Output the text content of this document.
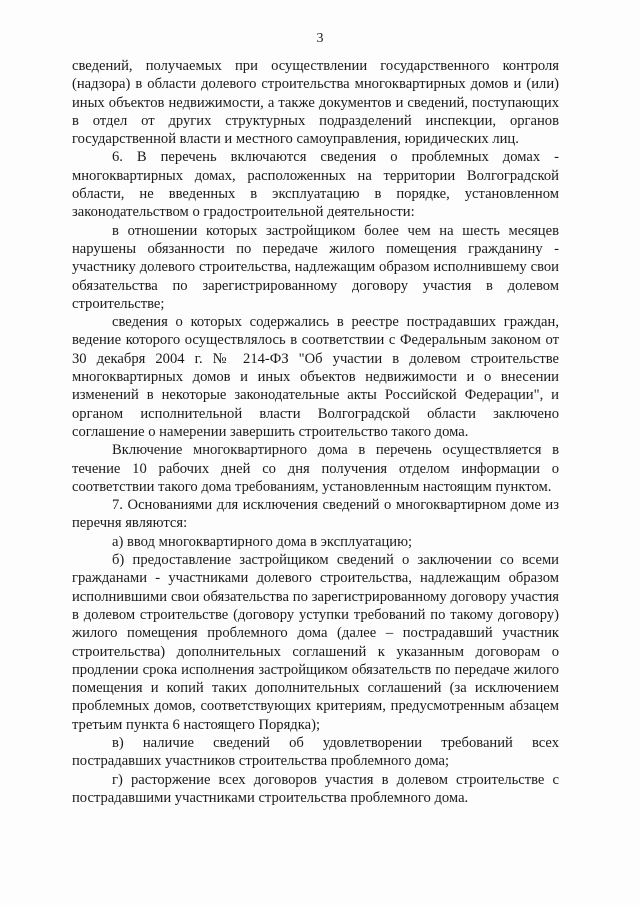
3

сведений, получаемых при осуществлении государственного контроля (надзора) в области долевого строительства многоквартирных домов и (или) иных объектов недвижимости, а также документов и сведений, поступающих в отдел от других структурных подразделений инспекции, органов государственной власти и местного самоуправления, юридических лиц.

6. В перечень включаются сведения о проблемных домах - многоквартирных домах, расположенных на территории Волгоградской области, не введенных в эксплуатацию в порядке, установленном законодательством о градостроительной деятельности:

в отношении которых застройщиком более чем на шесть месяцев нарушены обязанности по передаче жилого помещения гражданину - участнику долевого строительства, надлежащим образом исполнившему свои обязательства по зарегистрированному договору участия в долевом строительстве;

сведения о которых содержались в реестре пострадавших граждан, ведение которого осуществлялось в соответствии с Федеральным законом от 30 декабря 2004 г. № 214-ФЗ "Об участии в долевом строительстве многоквартирных домов и иных объектов недвижимости и о внесении изменений в некоторые законодательные акты Российской Федерации", и органом исполнительной власти Волгоградской области заключено соглашение о намерении завершить строительство такого дома.

Включение многоквартирного дома в перечень осуществляется в течение 10 рабочих дней со дня получения отделом информации о соответствии такого дома требованиям, установленным настоящим пунктом.

7. Основаниями для исключения сведений о многоквартирном доме из перечня являются:

а) ввод многоквартирного дома в эксплуатацию;

б) предоставление застройщиком сведений о заключении со всеми гражданами - участниками долевого строительства, надлежащим образом исполнившими свои обязательства по зарегистрированному договору участия в долевом строительстве (договору уступки требований по такому договору) жилого помещения проблемного дома (далее – пострадавший участник строительства) дополнительных соглашений к указанным договорам о продлении срока исполнения застройщиком обязательств по передаче жилого помещения и копий таких дополнительных соглашений (за исключением проблемных домов, соответствующих критериям, предусмотренным абзацем третьим пункта 6 настоящего Порядка);

в) наличие сведений об удовлетворении требований всех пострадавших участников строительства проблемного дома;

г) расторжение всех договоров участия в долевом строительстве с пострадавшими участниками строительства проблемного дома.
